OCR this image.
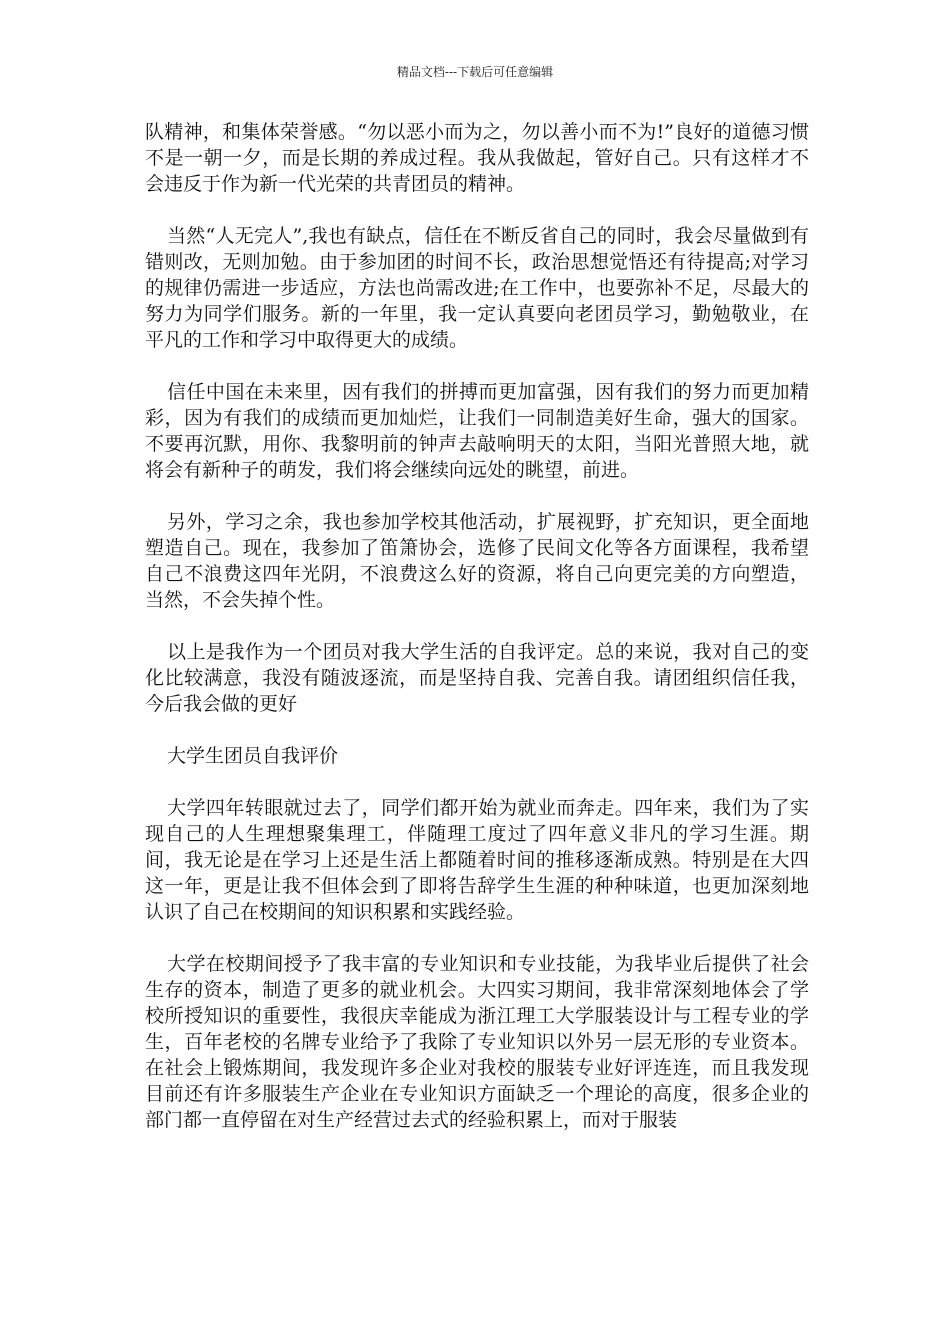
精品文档---下载后可任意编辑

队精神，和集体荣誉感。“勿以恶小而为之，勿以善小而不为!”良好的道德习惯不是一朝一夕，而是长期的养成过程。我从我做起，管好自己。只有这样才不会违反于作为新一代光荣的共青团员的精神。

当然“人无完人”,我也有缺点，信任在不断反省自己的同时，我会尽量做到有错则改，无则加勉。由于参加团的时间不长，政治思想觉悟还有待提高;对学习的规律仍需进一步适应，方法也尚需改进;在工作中，也要弥补不足，尽最大的努力为同学们服务。新的一年里，我一定认真要向老团员学习，勤勉敬业，在平凡的工作和学习中取得更大的成绩。

信任中国在未来里，因有我们的拼搏而更加富强，因有我们的努力而更加精彩，因为有我们的成绩而更加灿烂，让我们一同制造美好生命，强大的国家。不要再沉默，用你、我黎明前的钟声去敲响明天的太阳，当阳光普照大地，就将会有新种子的萌发，我们将会继续向远处的眺望，前进。

另外，学习之余，我也参加学校其他活动，扩展视野，扩充知识，更全面地塑造自己。现在，我参加了笛箫协会，选修了民间文化等各方面课程，我希望自己不浪费这四年光阴，不浪费这么好的资源，将自己向更完美的方向塑造，当然，不会失掉个性。

以上是我作为一个团员对我大学生活的自我评定。总的来说，我对自己的变化比较满意，我没有随波逐流，而是坚持自我、完善自我。请团组织信任我，今后我会做的更好

大学生团员自我评价

大学四年转眼就过去了，同学们都开始为就业而奔走。四年来，我们为了实现自己的人生理想聚集理工，伴随理工度过了四年意义非凡的学习生涯。期间，我无论是在学习上还是生活上都随着时间的推移逐渐成熟。特别是在大四这一年，更是让我不但体会到了即将告辞学生生涯的种种味道，也更加深刻地认识了自己在校期间的知识积累和实践经验。

大学在校期间授予了我丰富的专业知识和专业技能，为我毕业后提供了社会生存的资本，制造了更多的就业机会。大四实习期间，我非常深刻地体会了学校所授知识的重要性，我很庆幸能成为浙江理工大学服装设计与工程专业的学生，百年老校的名牌专业给予了我除了专业知识以外另一层无形的专业资本。在社会上锻炼期间，我发现许多企业对我校的服装专业好评连连，而且我发现目前还有许多服装生产企业在专业知识方面缺乏一个理论的高度，很多企业的部门都一直停留在对生产经营过去式的经验积累上，而对于服装
